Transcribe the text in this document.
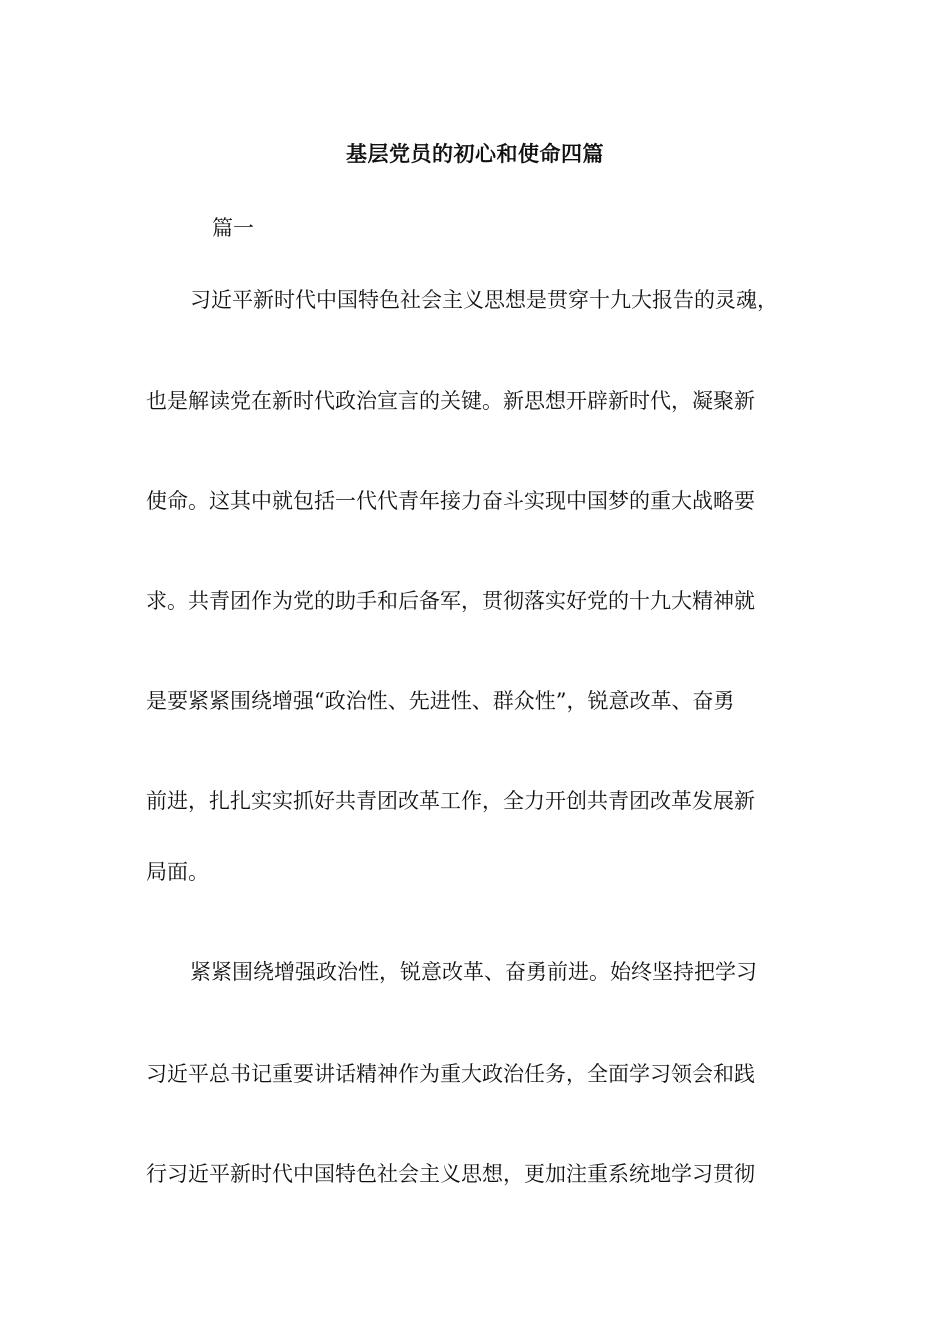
基层党员的初心和使命四篇
篇一
习近平新时代中国特色社会主义思想是贯穿十九大报告的灵魂，
也是解读党在新时代政治宣言的关键。新思想开辟新时代，凝聚新
使命。这其中就包括一代代青年接力奋斗实现中国梦的重大战略要
求。共青团作为党的助手和后备军，贯彻落实好党的十九大精神就
是要紧紧围绕增强“政治性、先进性、群众性”，锐意改革、奋勇
前进，扎扎实实抓好共青团改革工作，全力开创共青团改革发展新
局面。
紧紧围绕增强政治性，锐意改革、奋勇前进。始终坚持把学习
习近平总书记重要讲话精神作为重大政治任务，全面学习领会和践
行习近平新时代中国特色社会主义思想，更加注重系统地学习贯彻
